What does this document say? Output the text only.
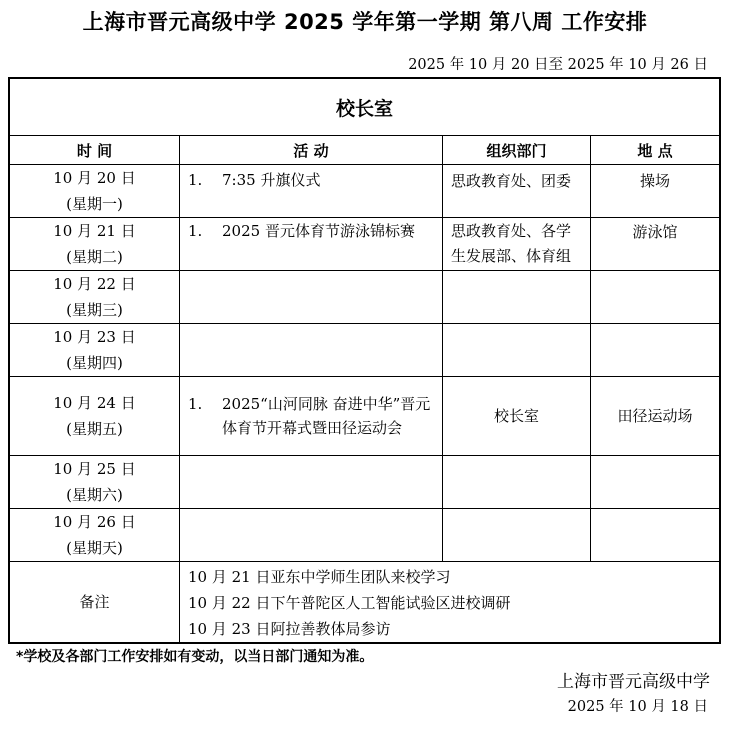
上海市晋元高级中学 2025 学年第一学期 第八周 工作安排
2025 年 10 月 20 日至 2025 年 10 月 26 日
校长室			
时 间	活 动	组织部门	地 点

10 月 20 日
(星期一)	1. 7:35 升旗仪式	思政教育处、团委	操场

10 月 21 日
(星期二)	1. 2025 晋元体育节游泳锦标赛	思政教育处、各学生发展部、体育组	游泳馆

10 月 22 日
(星期三)			

10 月 23 日
(星期四)			

10 月 24 日
(星期五)	1. 2025“山河同脉 奋进中华”晋元体育节开幕式暨田径运动会	校长室	田径运动场

10 月 25 日
(星期六)			

10 月 26 日
(星期天)			

备注	10 月 21 日亚东中学师生团队来校学习
10 月 22 日下午普陀区人工智能试验区进校调研
10 月 23 日阿拉善教体局参访		
*学校及各部门工作安排如有变动，以当日部门通知为准。
上海市晋元高级中学
2025 年 10 月 18 日
